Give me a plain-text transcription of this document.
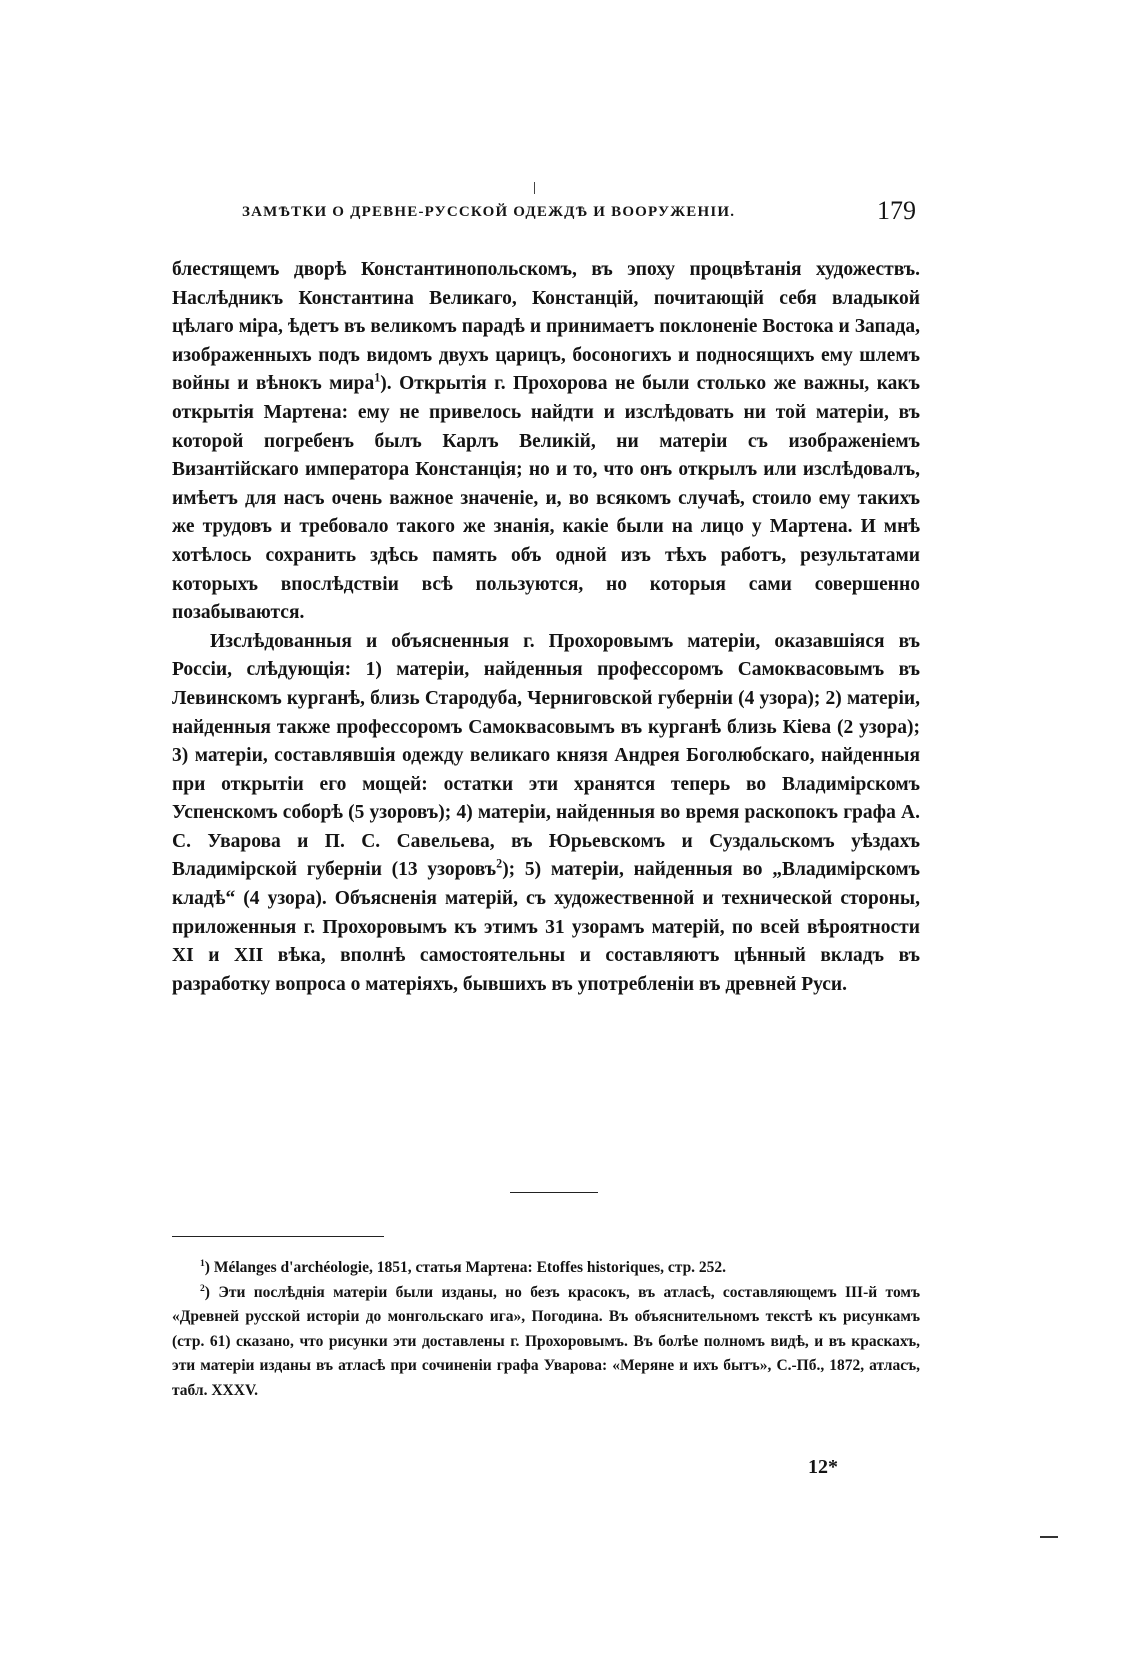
ЗАМѢТКИ О ДРЕВНЕ-РУССКОЙ ОДЕЖДѢ И ВООРУЖЕНІИ.	179

блестящемъ дворѣ Константинопольскомъ, въ эпоху процвѣтанія художествъ. Наслѣдникъ Константина Великаго, Констанцій, почитающій себя владыкой цѣлаго міра, ѣдетъ въ великомъ парадѣ и принимаетъ поклоненіе Востока и Запада, изображенныхъ подъ видомъ двухъ царицъ, босоногихъ и подносящихъ ему шлемъ войны и вѣнокъ мира$^1$). Открытія г. Прохорова не были столько же важны, какъ открытія Мартена: ему не привелось найдти и изслѣдовать ни той матеріи, въ которой погребенъ былъ Карлъ Великій, ни матеріи съ изображеніемъ Византійскаго императора Констанція; но и то, что онъ открылъ или изслѣдовалъ, имѣетъ для насъ очень важное значеніе, и, во всякомъ случаѣ, стоило ему такихъ же трудовъ и требовало такого же знанія, какіе были на лицо у Мартена. И мнѣ хотѣлось сохранить здѣсь память объ одной изъ тѣхъ работъ, результатами которыхъ впослѣдствіи всѣ пользуются, но которыя сами совершенно позабываются.

Изслѣдованныя и объясненныя г. Прохоровымъ матеріи, оказавшіяся въ Россіи, слѣдующія: 1) матеріи, найденныя профессоромъ Самоквасовымъ въ Левинскомъ курганѣ, близь Стародуба, Черниговской губерніи (4 узора); 2) матеріи, найденныя также профессоромъ Самоквасовымъ въ курганѣ близь Кіева (2 узора); 3) матеріи, составлявшія одежду великаго князя Андрея Боголюбскаго, найденныя при открытіи его мощей: остатки эти хранятся теперь во Владимірскомъ Успенскомъ соборѣ (5 узоровъ); 4) матеріи, найденныя во время раскопокъ графа А. С. Уварова и П. С. Савельева, въ Юрьевскомъ и Суздальскомъ уѣздахъ Владимірской губерніи (13 узоровъ$^2$); 5) матеріи, найденныя во „Владимірскомъ кладѣ“ (4 узора). Объясненія матерій, съ художественной и технической стороны, приложенныя г. Прохоровымъ къ этимъ 31 узорамъ матерій, по всей вѣроятности XI и XII вѣка, вполнѣ самостоятельны и составляютъ цѣнный вкладъ въ разработку вопроса о матеріяхъ, бывшихъ въ употребленіи въ древней Руси.

$^1$) Mélanges d'archéologie, 1851, статья Мартена: Etoffes historiques, стр. 252.

$^2$) Эти послѣднія матеріи были изданы, но безъ красокъ, въ атласѣ, составляющемъ III-й томъ «Древней русской исторіи до монгольскаго ига», Погодина. Въ объяснительномъ текстѣ къ рисункамъ (стр. 61) сказано, что рисунки эти доставлены г. Прохоровымъ. Въ болѣе полномъ видѣ, и въ краскахъ, эти матеріи изданы въ атласѣ при сочиненіи графа Уварова: «Меряне и ихъ бытъ», С.-Пб., 1872, атласъ, табл. XXXV.

12*
